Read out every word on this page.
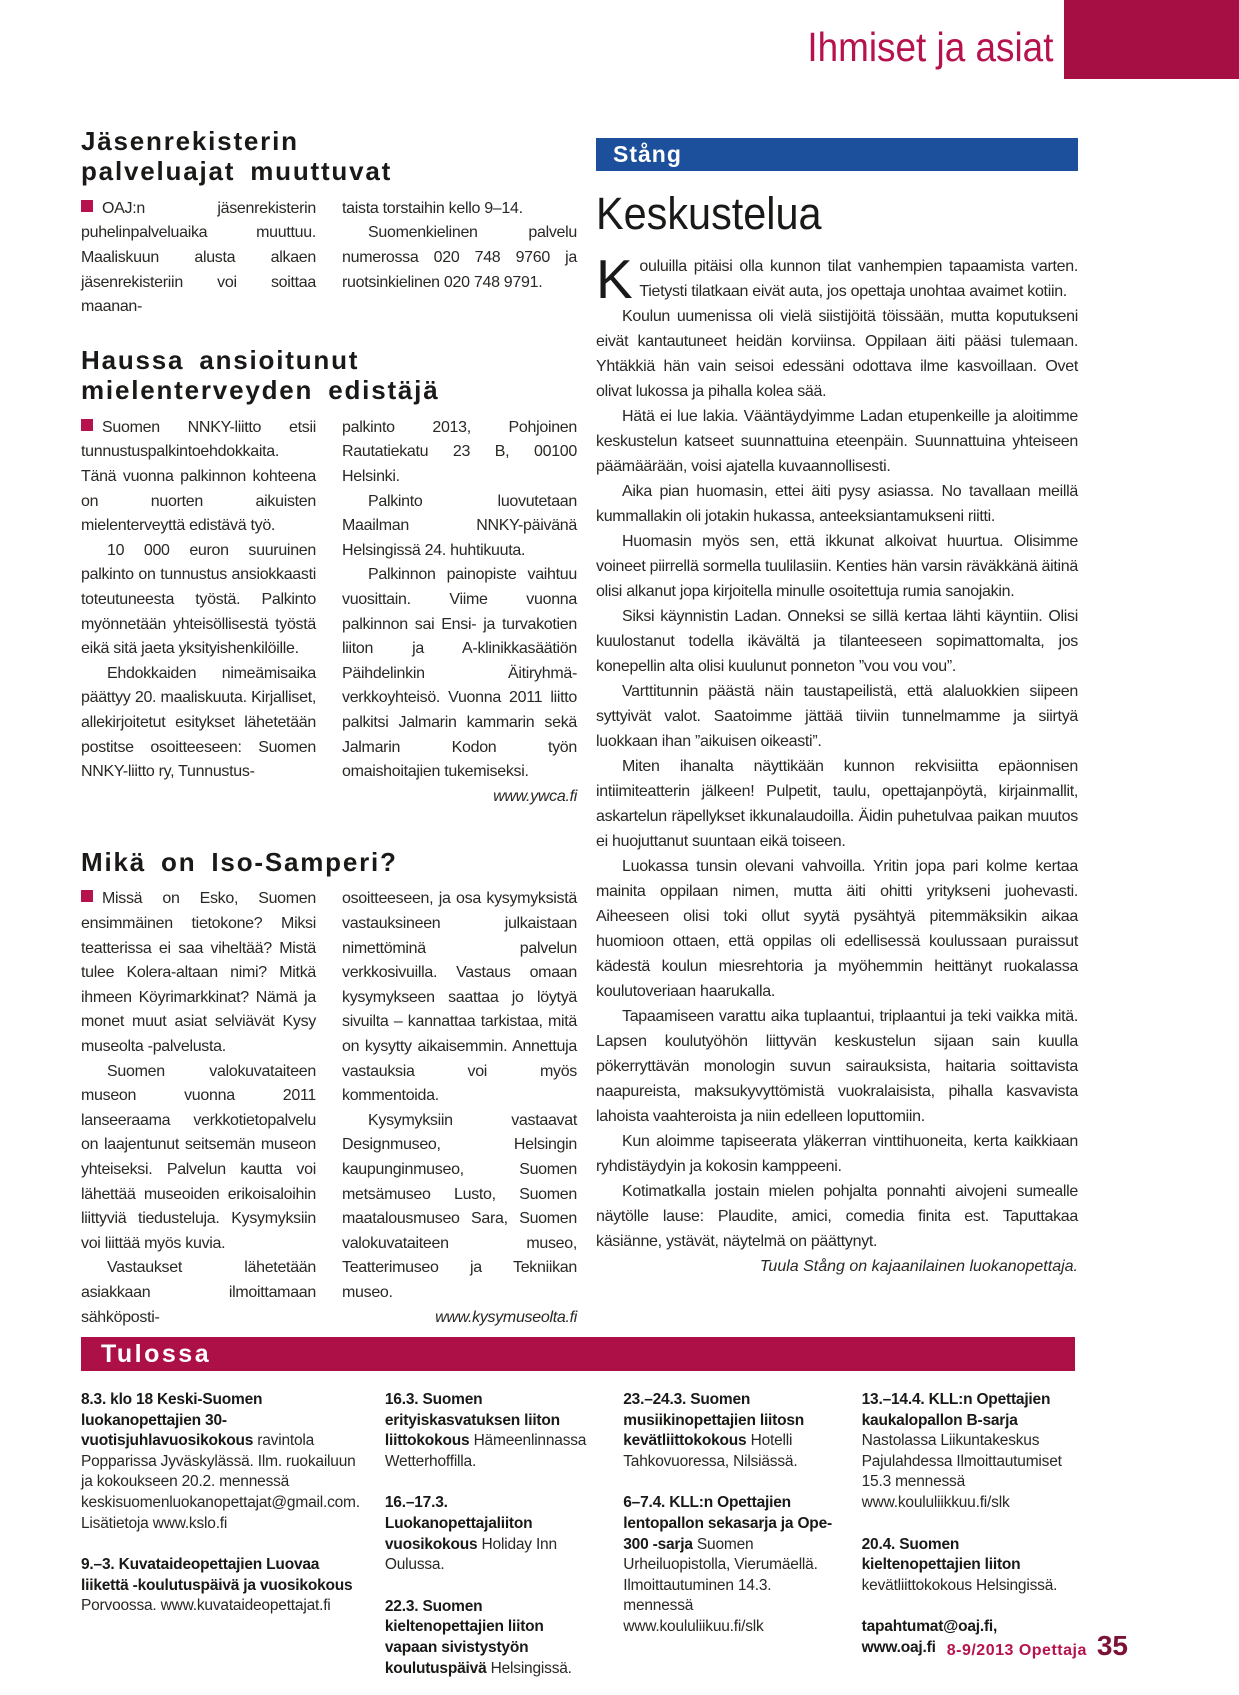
Ihmiset ja asiat
Jäsenrekisterin palveluajat muuttuvat

OAJ:n jäsenrekisterin puhelinpalveluaika muuttuu. Maaliskuun alusta alkaen jäsenrekisteriin voi soittaa maanan-

taista torstaihin kello 9–14.

Suomenkielinen palvelu numerossa 020 748 9760 ja ruotsinkielinen 020 748 9791.

Haussa ansioitunut mielenterveyden edistäjä

Suomen NNKY-liitto etsii tunnustuspalkintoehdokkaita. Tänä vuonna palkinnon kohteena on nuorten aikuisten mielenterveyttä edistävä työ.

10 000 euron suuruinen palkinto on tunnustus ansiokkaasti toteutuneesta työstä. Palkinto myönnetään yhteisöllisestä työstä eikä sitä jaeta yksityishenkilöille.

Ehdokkaiden nimeämisaika päättyy 20. maaliskuuta. Kirjalliset, allekirjoitetut esitykset lähetetään postitse osoitteeseen: Suomen NNKY-liitto ry, Tunnustus-

palkinto 2013, Pohjoinen Rautatiekatu 23 B, 00100 Helsinki.

Palkinto luovutetaan Maailman NNKY-päivänä Helsingissä 24. huhtikuuta.

Palkinnon painopiste vaihtuu vuosittain. Viime vuonna palkinnon sai Ensi- ja turvakotien liiton ja A-klinikkasäätiön Päihdelinkin Äitiryhmä-verkkoyhteisö. Vuonna 2011 liitto palkitsi Jalmarin kammarin sekä Jalmarin Kodon työn omaishoitajien tukemiseksi.

www.ywca.fi

Mikä on Iso-Samperi?

Missä on Esko, Suomen ensimmäinen tietokone? Miksi teatterissa ei saa viheltää? Mistä tulee Kolera-altaan nimi? Mitkä ihmeen Köyrimarkkinat? Nämä ja monet muut asiat selviävät Kysy museolta -palvelusta.

Suomen valokuvataiteen museon vuonna 2011 lanseeraama verkkotietopalvelu on laajentunut seitsemän museon yhteiseksi. Palvelun kautta voi lähettää museoiden erikoisaloihin liittyviä tiedusteluja. Kysymyksiin voi liittää myös kuvia.

Vastaukset lähetetään asiakkaan ilmoittamaan sähköposti-

osoitteeseen, ja osa kysymyksistä vastauksineen julkaistaan nimettöminä palvelun verkkosivuilla. Vastaus omaan kysymykseen saattaa jo löytyä sivuilta – kannattaa tarkistaa, mitä on kysytty aikaisemmin. Annettuja vastauksia voi myös kommentoida.

Kysymyksiin vastaavat Designmuseo, Helsingin kaupunginmuseo, Suomen metsämuseo Lusto, Suomen maatalousmuseo Sara, Suomen valokuvataiteen museo, Teatterimuseo ja Tekniikan museo.

www.kysymuseolta.fi

Stång
Keskustelua

Kouluilla pitäisi olla kunnon tilat vanhempien tapaamista varten. Tietysti tilatkaan eivät auta, jos opettaja unohtaa avaimet kotiin.

Koulun uumenissa oli vielä siistijöitä töissään, mutta koputukseni eivät kantautuneet heidän korviinsa. Oppilaan äiti pääsi tulemaan. Yhtäkkiä hän vain seisoi edessäni odottava ilme kasvoillaan. Ovet olivat lukossa ja pihalla kolea sää.

Hätä ei lue lakia. Vääntäydyimme Ladan etupenkeille ja aloitimme keskustelun katseet suunnattuina eteenpäin. Suunnattuina yhteiseen päämäärään, voisi ajatella kuvaannollisesti.

Aika pian huomasin, ettei äiti pysy asiassa. No tavallaan meillä kummallakin oli jotakin hukassa, anteeksiantamukseni riitti.

Huomasin myös sen, että ikkunat alkoivat huurtua. Olisimme voineet piirrellä sormella tuulilasiin. Kenties hän varsin räväkkänä äitinä olisi alkanut jopa kirjoitella minulle osoitettuja rumia sanojakin.

Siksi käynnistin Ladan. Onneksi se sillä kertaa lähti käyntiin. Olisi kuulostanut todella ikävältä ja tilanteeseen sopimattomalta, jos konepellin alta olisi kuulunut ponneton ”vou vou vou”.

Varttitunnin päästä näin taustapeilistä, että alaluokkien siipeen syttyivät valot. Saatoimme jättää tiiviin tunnelmamme ja siirtyä luokkaan ihan ”aikuisen oikeasti”.

Miten ihanalta näyttikään kunnon rekvisiitta epäonnisen intiimiteatterin jälkeen! Pulpetit, taulu, opettajanpöytä, kirjainmallit, askartelun räpellykset ikkunalaudoilla. Äidin puhetulvaa paikan muutos ei huojuttanut suuntaan eikä toiseen.

Luokassa tunsin olevani vahvoilla. Yritin jopa pari kolme kertaa mainita oppilaan nimen, mutta äiti ohitti yritykseni juohevasti. Aiheeseen olisi toki ollut syytä pysähtyä pitemmäksikin aikaa huomioon ottaen, että oppilas oli edellisessä koulussaan puraissut kädestä koulun miesrehtoria ja myöhemmin heittänyt ruokalassa koulutoveriaan haarukalla.

Tapaamiseen varattu aika tuplaantui, triplaantui ja teki vaikka mitä. Lapsen koulutyöhön liittyvän keskustelun sijaan sain kuulla pökerryttävän monologin suvun sairauksista, haitaria soittavista naapureista, maksukyvyttömistä vuokralaisista, pihalla kasvavista lahoista vaahteroista ja niin edelleen loputtomiin.

Kun aloimme tapiseerata yläkerran vinttihuoneita, kerta kaikkiaan ryhdistäydyin ja kokosin kamppeeni.

Kotimatkalla jostain mielen pohjalta ponnahti aivojeni sumealle näytölle lause: Plaudite, amici, comedia finita est. Taputtakaa käsiänne, ystävät, näytelmä on päättynyt.

Tuula Stång on kajaanilainen luokanopettaja.
Tulossa

8.3. klo 18 Keski-Suomen luokanopettajien 30-vuotisjuhlavuosikokous ravintola Popparissa Jyväskylässä. Ilm. ruokailuun ja kokoukseen 20.2. mennessä keskisuomenluokanopettajat@gmail.com. Lisätietoja www.kslo.fi

9.–3. Kuvataideopettajien Luovaa liikettä -koulutuspäivä ja vuosikokous Porvoossa. www.kuvataideopettajat.fi

16.3. Suomen erityiskasvatuksen liiton liittokokous Hämeenlinnassa Wetterhoffilla.

16.–17.3. Luokanopettajaliiton vuosikokous Holiday Inn Oulussa.

22.3. Suomen kieltenopettajien liiton vapaan sivistystyön koulutuspäivä Helsingissä.

23.–24.3. Suomen musiikinopettajien liitosn kevätliittokokous Hotelli Tahkovuoressa, Nilsiässä.

6–7.4. KLL:n Opettajien lentopallon sekasarja ja Ope-300 -sarja Suomen Urheiluopistolla, Vierumäellä. Ilmoittautuminen 14.3. mennessä www.koululiikuu.fi/slk

13.–14.4. KLL:n Opettajien kaukalopallon B-sarja Nastolassa Liikuntakeskus Pajulahdessa Ilmoittautumiset 15.3 mennessä www.koululiikkuu.fi/slk

20.4. Suomen kieltenopettajien liiton kevätliittokokous Helsingissä.

tapahtumat@oaj.fi, www.oaj.fi 8-9/2013 Opettaja 35
